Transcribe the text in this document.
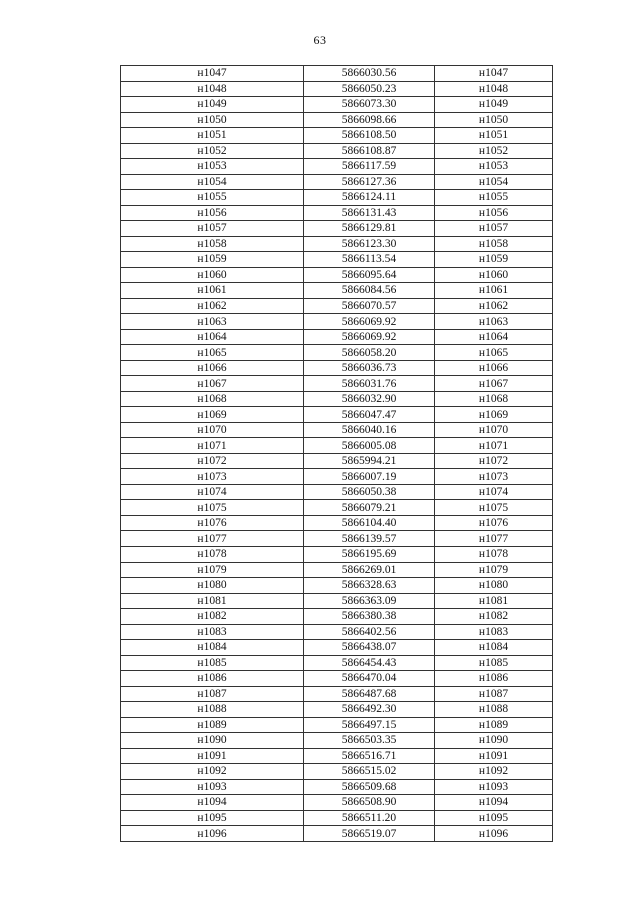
63
н1047	5866030.56	н1047
н1048	5866050.23	н1048
н1049	5866073.30	н1049
н1050	5866098.66	н1050
н1051	5866108.50	н1051
н1052	5866108.87	н1052
н1053	5866117.59	н1053
н1054	5866127.36	н1054
н1055	5866124.11	н1055
н1056	5866131.43	н1056
н1057	5866129.81	н1057
н1058	5866123.30	н1058
н1059	5866113.54	н1059
н1060	5866095.64	н1060
н1061	5866084.56	н1061
н1062	5866070.57	н1062
н1063	5866069.92	н1063
н1064	5866069.92	н1064
н1065	5866058.20	н1065
н1066	5866036.73	н1066
н1067	5866031.76	н1067
н1068	5866032.90	н1068
н1069	5866047.47	н1069
н1070	5866040.16	н1070
н1071	5866005.08	н1071
н1072	5865994.21	н1072
н1073	5866007.19	н1073
н1074	5866050.38	н1074
н1075	5866079.21	н1075
н1076	5866104.40	н1076
н1077	5866139.57	н1077
н1078	5866195.69	н1078
н1079	5866269.01	н1079
н1080	5866328.63	н1080
н1081	5866363.09	н1081
н1082	5866380.38	н1082
н1083	5866402.56	н1083
н1084	5866438.07	н1084
н1085	5866454.43	н1085
н1086	5866470.04	н1086
н1087	5866487.68	н1087
н1088	5866492.30	н1088
н1089	5866497.15	н1089
н1090	5866503.35	н1090
н1091	5866516.71	н1091
н1092	5866515.02	н1092
н1093	5866509.68	н1093
н1094	5866508.90	н1094
н1095	5866511.20	н1095
н1096	5866519.07	н1096
